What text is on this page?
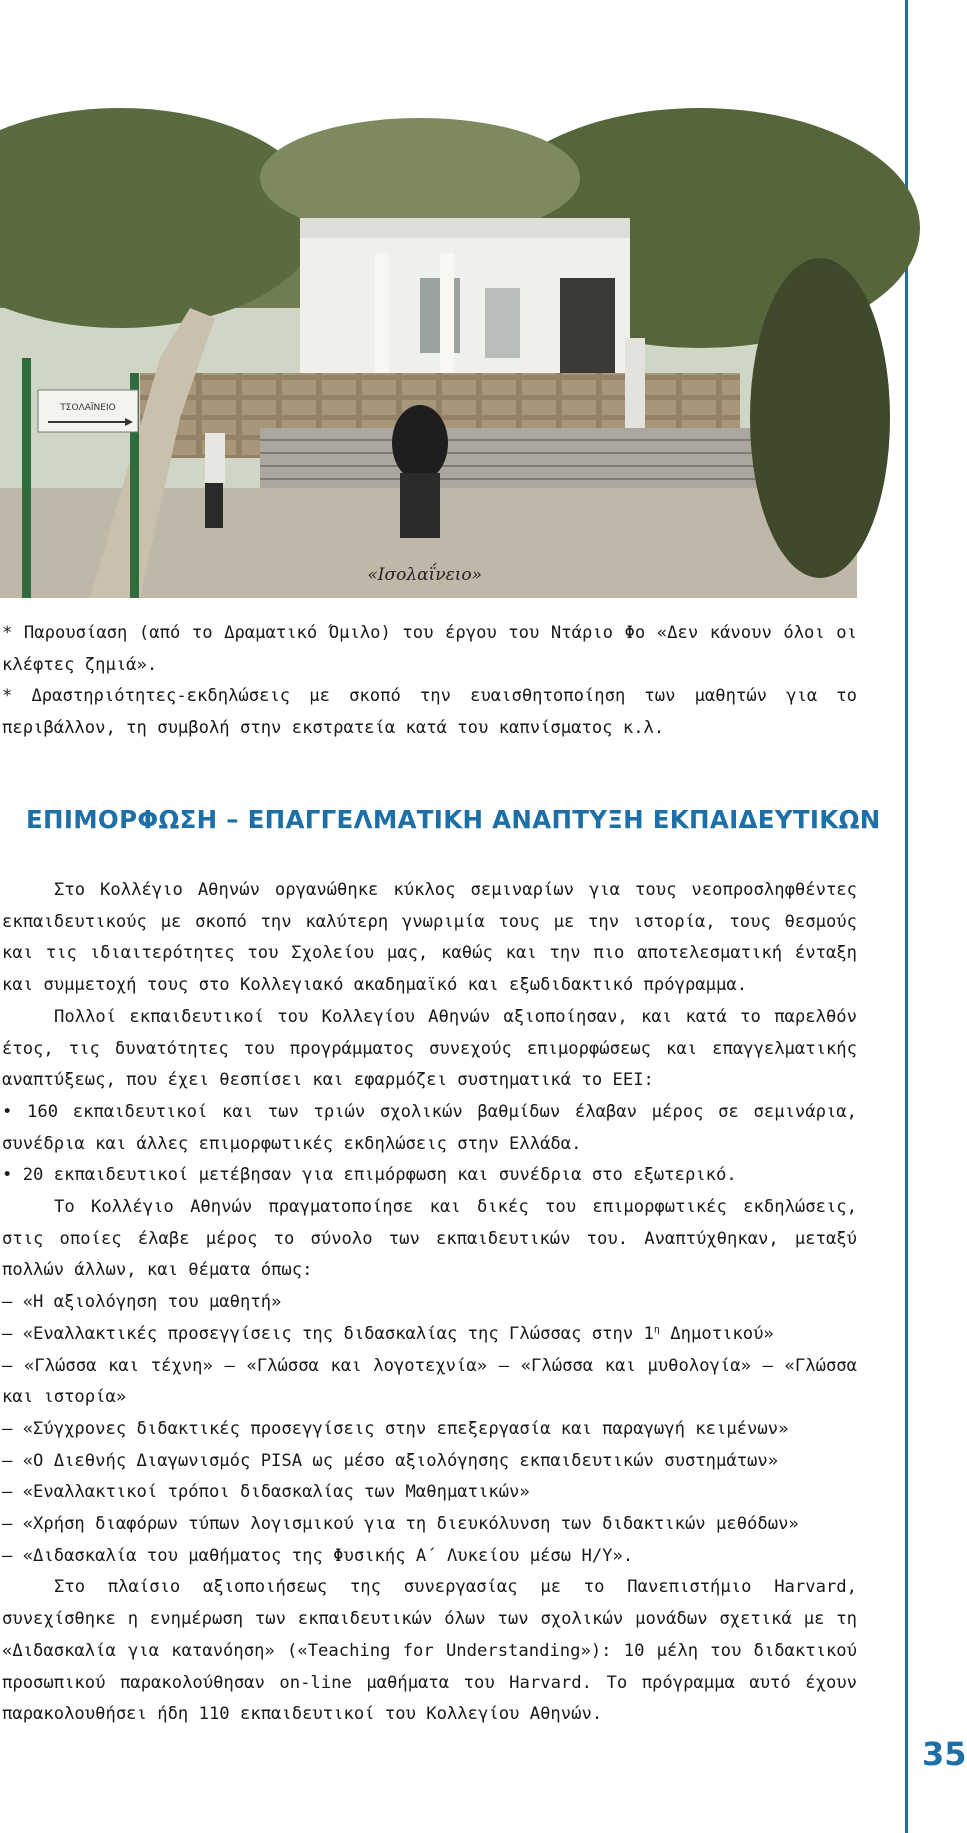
ΤΣΟΛΑΪΝΕΙΟ
«Ισολαΐνειο»

* Παρουσίαση (από το Δραματικό Όμιλο) του έργου του Ντάριο Φο «Δεν κάνουν όλοι οι κλέφτες ζημιά».

* Δραστηριότητες-εκδηλώσεις με σκοπό την ευαισθητοποίηση των μαθητών για το περιβάλλον, τη συμβολή στην εκστρατεία κατά του καπνίσματος κ.λ.

ΕΠΙΜΟΡΦΩΣΗ – ΕΠΑΓΓΕΛΜΑΤΙΚΗ ΑΝΑΠΤΥΞΗ ΕΚΠΑΙΔΕΥΤΙΚΩΝ

Στο Κολλέγιο Αθηνών οργανώθηκε κύκλος σεμιναρίων για τους νεοπροσληφθέντες εκπαιδευτικούς με σκοπό την καλύτερη γνωριμία τους με την ιστορία, τους θεσμούς και τις ιδιαιτερότητες του Σχολείου μας, καθώς και την πιο αποτελεσματική ένταξη και συμμετοχή τους στο Κολλεγιακό ακαδημαϊκό και εξωδιδακτικό πρόγραμμα.

Πολλοί εκπαιδευτικοί του Κολλεγίου Αθηνών αξιοποίησαν, και κατά το παρελθόν έτος, τις δυνατότητες του προγράμματος συνεχούς επιμορφώσεως και επαγγελματικής αναπτύξεως, που έχει θεσπίσει και εφαρμόζει συστηματικά το ΕΕΙ:

• 160 εκπαιδευτικοί και των τριών σχολικών βαθμίδων έλαβαν μέρος σε σεμινάρια, συνέδρια και άλλες επιμορφωτικές εκδηλώσεις στην Ελλάδα.

• 20 εκπαιδευτικοί μετέβησαν για επιμόρφωση και συνέδρια στο εξωτερικό.

Το Κολλέγιο Αθηνών πραγματοποίησε και δικές του επιμορφωτικές εκδηλώσεις, στις οποίες έλαβε μέρος το σύνολο των εκπαιδευτικών του. Αναπτύχθηκαν, μεταξύ πολλών άλλων, και θέματα όπως:

– «Η αξιολόγηση του μαθητή»

– «Εναλλακτικές προσεγγίσεις της διδασκαλίας της Γλώσσας στην $1^\eta$ Δημοτικού»

– «Γλώσσα και τέχνη» – «Γλώσσα και λογοτεχνία» – «Γλώσσα και μυθολογία» – «Γλώσσα και ιστορία»

– «Σύγχρονες διδακτικές προσεγγίσεις στην επεξεργασία και παραγωγή κειμένων»

– «Ο Διεθνής Διαγωνισμός PISA ως μέσο αξιολόγησης εκπαιδευτικών συστημάτων»

– «Εναλλακτικοί τρόποι διδασκαλίας των Μαθηματικών»

– «Χρήση διαφόρων τύπων λογισμικού για τη διευκόλυνση των διδακτικών μεθόδων»

– «Διδασκαλία του μαθήματος της Φυσικής Α΄ Λυκείου μέσω Η/Υ».

Στο πλαίσιο αξιοποιήσεως της συνεργασίας με το Πανεπιστήμιο Harvard, συνεχίσθηκε η ενημέρωση των εκπαιδευτικών όλων των σχολικών μονάδων σχετικά με τη «Διδασκαλία για κατανόηση» («Teaching for Understanding»): 10 μέλη του διδακτικού προσωπικού παρακολούθησαν on-line μαθήματα του Harvard. Το πρόγραμμα αυτό έχουν παρακολουθήσει ήδη 110 εκπαιδευτικοί του Κολλεγίου Αθηνών.

35
